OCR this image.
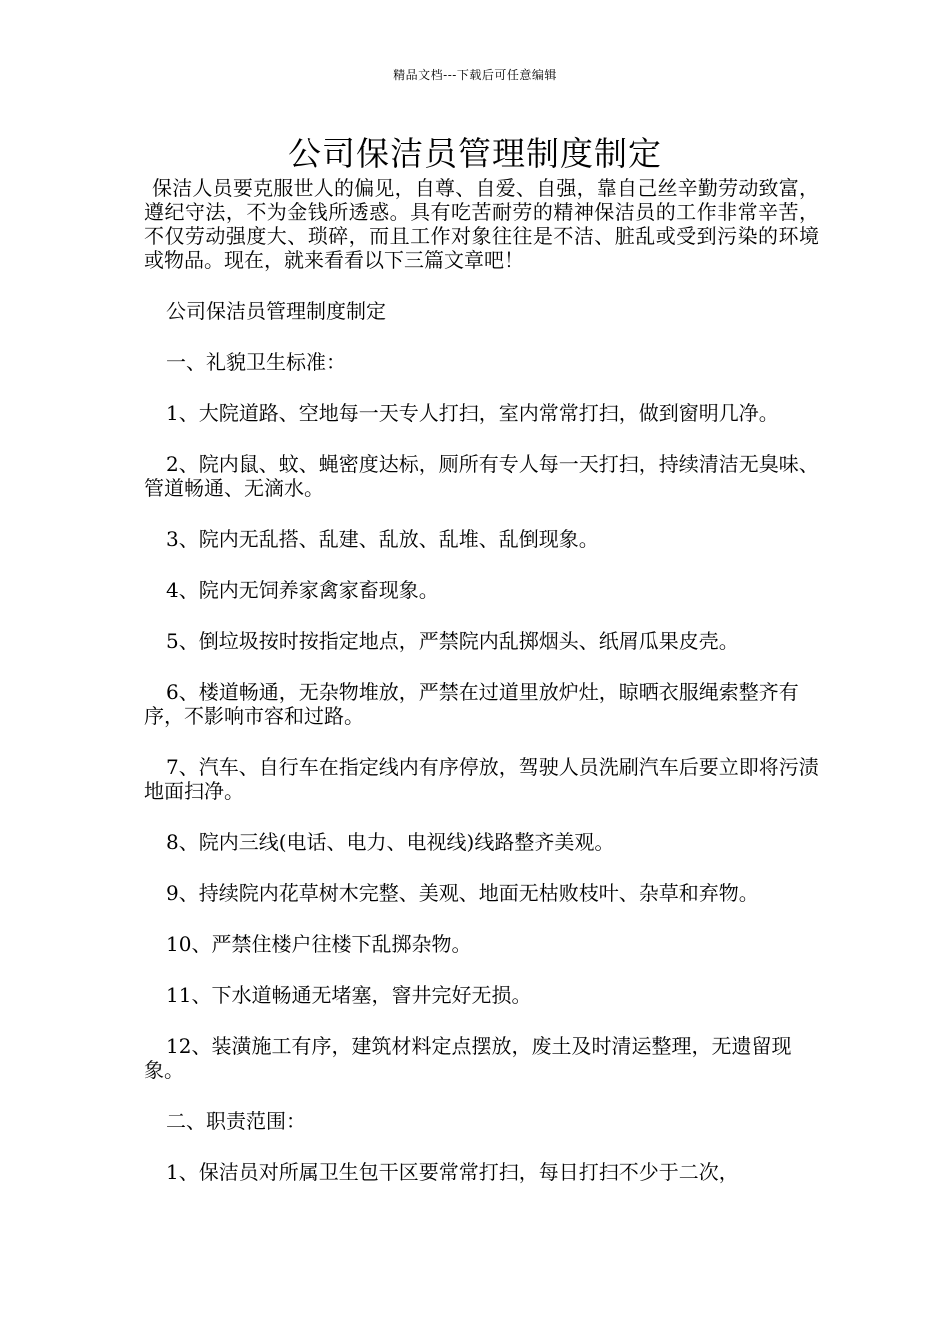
精品文档---下载后可任意编辑
公司保洁员管理制度制定

保洁人员要克服世人的偏见，自尊、自爱、自强，靠自己丝辛勤劳动致富，遵纪守法，不为金钱所透惑。具有吃苦耐劳的精神保洁员的工作非常辛苦，不仅劳动强度大、琐碎，而且工作对象往往是不洁、脏乱或受到污染的环境或物品。现在，就来看看以下三篇文章吧！

公司保洁员管理制度制定

一、礼貌卫生标准：

1、大院道路、空地每一天专人打扫，室内常常打扫，做到窗明几净。

2、院内鼠、蚊、蝇密度达标，厕所有专人每一天打扫，持续清洁无臭味、管道畅通、无滴水。

3、院内无乱搭、乱建、乱放、乱堆、乱倒现象。

4、院内无饲养家禽家畜现象。

5、倒垃圾按时按指定地点，严禁院内乱掷烟头、纸屑瓜果皮壳。

6、楼道畅通，无杂物堆放，严禁在过道里放炉灶，晾晒衣服绳索整齐有序，不影响市容和过路。

7、汽车、自行车在指定线内有序停放，驾驶人员洗刷汽车后要立即将污渍地面扫净。

8、院内三线(电话、电力、电视线)线路整齐美观。

9、持续院内花草树木完整、美观、地面无枯败枝叶、杂草和弃物。

10、严禁住楼户往楼下乱掷杂物。

11、下水道畅通无堵塞，窨井完好无损。

12、装潢施工有序，建筑材料定点摆放，废土及时清运整理，无遗留现象。

二、职责范围：

1、保洁员对所属卫生包干区要常常打扫，每日打扫不少于二次，
